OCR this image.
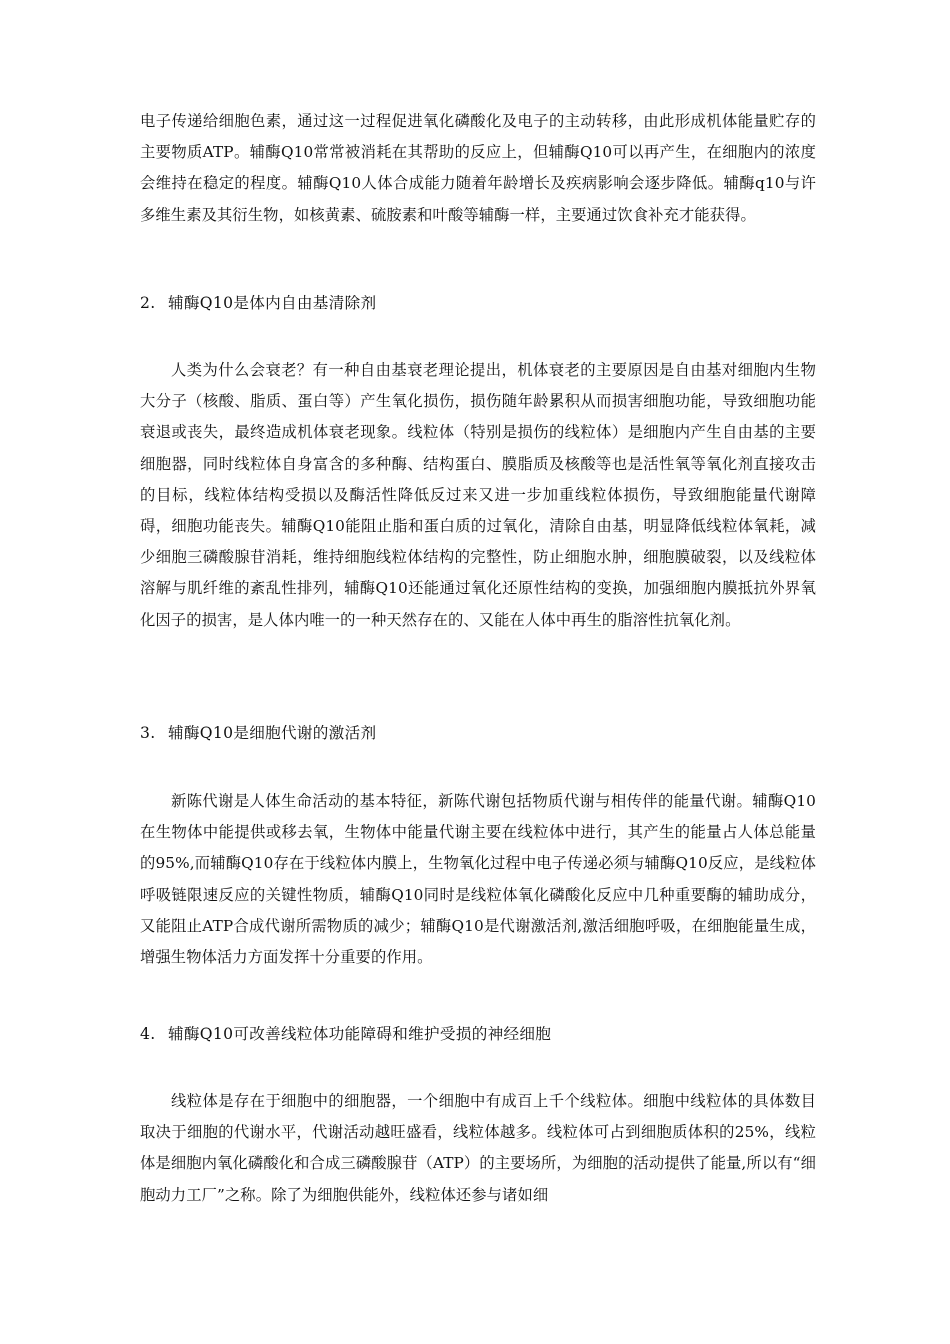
电子传递给细胞色素，通过这一过程促进氧化磷酸化及电子的主动转移，由此形成机体能量贮存的主要物质ATP。辅酶Q10常常被消耗在其帮助的反应上，但辅酶Q10可以再产生，在细胞内的浓度会维持在稳定的程度。辅酶Q10人体合成能力随着年龄增长及疾病影响会逐步降低。辅酶q10与许多维生素及其衍生物，如核黄素、硫胺素和叶酸等辅酶一样，主要通过饮食补充才能获得。

2. 辅酶Q10是体内自由基清除剂

人类为什么会衰老？有一种自由基衰老理论提出，机体衰老的主要原因是自由基对细胞内生物大分子（核酸、脂质、蛋白等）产生氧化损伤，损伤随年龄累积从而损害细胞功能，导致细胞功能衰退或丧失，最终造成机体衰老现象。线粒体（特别是损伤的线粒体）是细胞内产生自由基的主要细胞器，同时线粒体自身富含的多种酶、结构蛋白、膜脂质及核酸等也是活性氧等氧化剂直接攻击的目标，线粒体结构受损以及酶活性降低反过来又进一步加重线粒体损伤，导致细胞能量代谢障碍，细胞功能丧失。辅酶Q10能阻止脂和蛋白质的过氧化，清除自由基，明显降低线粒体氧耗，减少细胞三磷酸腺苷消耗，维持细胞线粒体结构的完整性，防止细胞水肿，细胞膜破裂，以及线粒体溶解与肌纤维的紊乱性排列，辅酶Q10还能通过氧化还原性结构的变换，加强细胞内膜抵抗外界氧化因子的损害，是人体内唯一的一种天然存在的、又能在人体中再生的脂溶性抗氧化剂。

3. 辅酶Q10是细胞代谢的激活剂

新陈代谢是人体生命活动的基本特征，新陈代谢包括物质代谢与相传伴的能量代谢。辅酶Q10在生物体中能提供或移去氧，生物体中能量代谢主要在线粒体中进行，其产生的能量占人体总能量的95%,而辅酶Q10存在于线粒体内膜上，生物氧化过程中电子传递必须与辅酶Q10反应，是线粒体呼吸链限速反应的关键性物质，辅酶Q10同时是线粒体氧化磷酸化反应中几种重要酶的辅助成分，又能阻止ATP合成代谢所需物质的减少；辅酶Q10是代谢激活剂,激活细胞呼吸，在细胞能量生成，增强生物体活力方面发挥十分重要的作用。

4. 辅酶Q10可改善线粒体功能障碍和维护受损的神经细胞

线粒体是存在于细胞中的细胞器，一个细胞中有成百上千个线粒体。细胞中线粒体的具体数目取决于细胞的代谢水平，代谢活动越旺盛看，线粒体越多。线粒体可占到细胞质体积的25%，线粒体是细胞内氧化磷酸化和合成三磷酸腺苷（ATP）的主要场所，为细胞的活动提供了能量,所以有“细胞动力工厂”之称。除了为细胞供能外，线粒体还参与诸如细
